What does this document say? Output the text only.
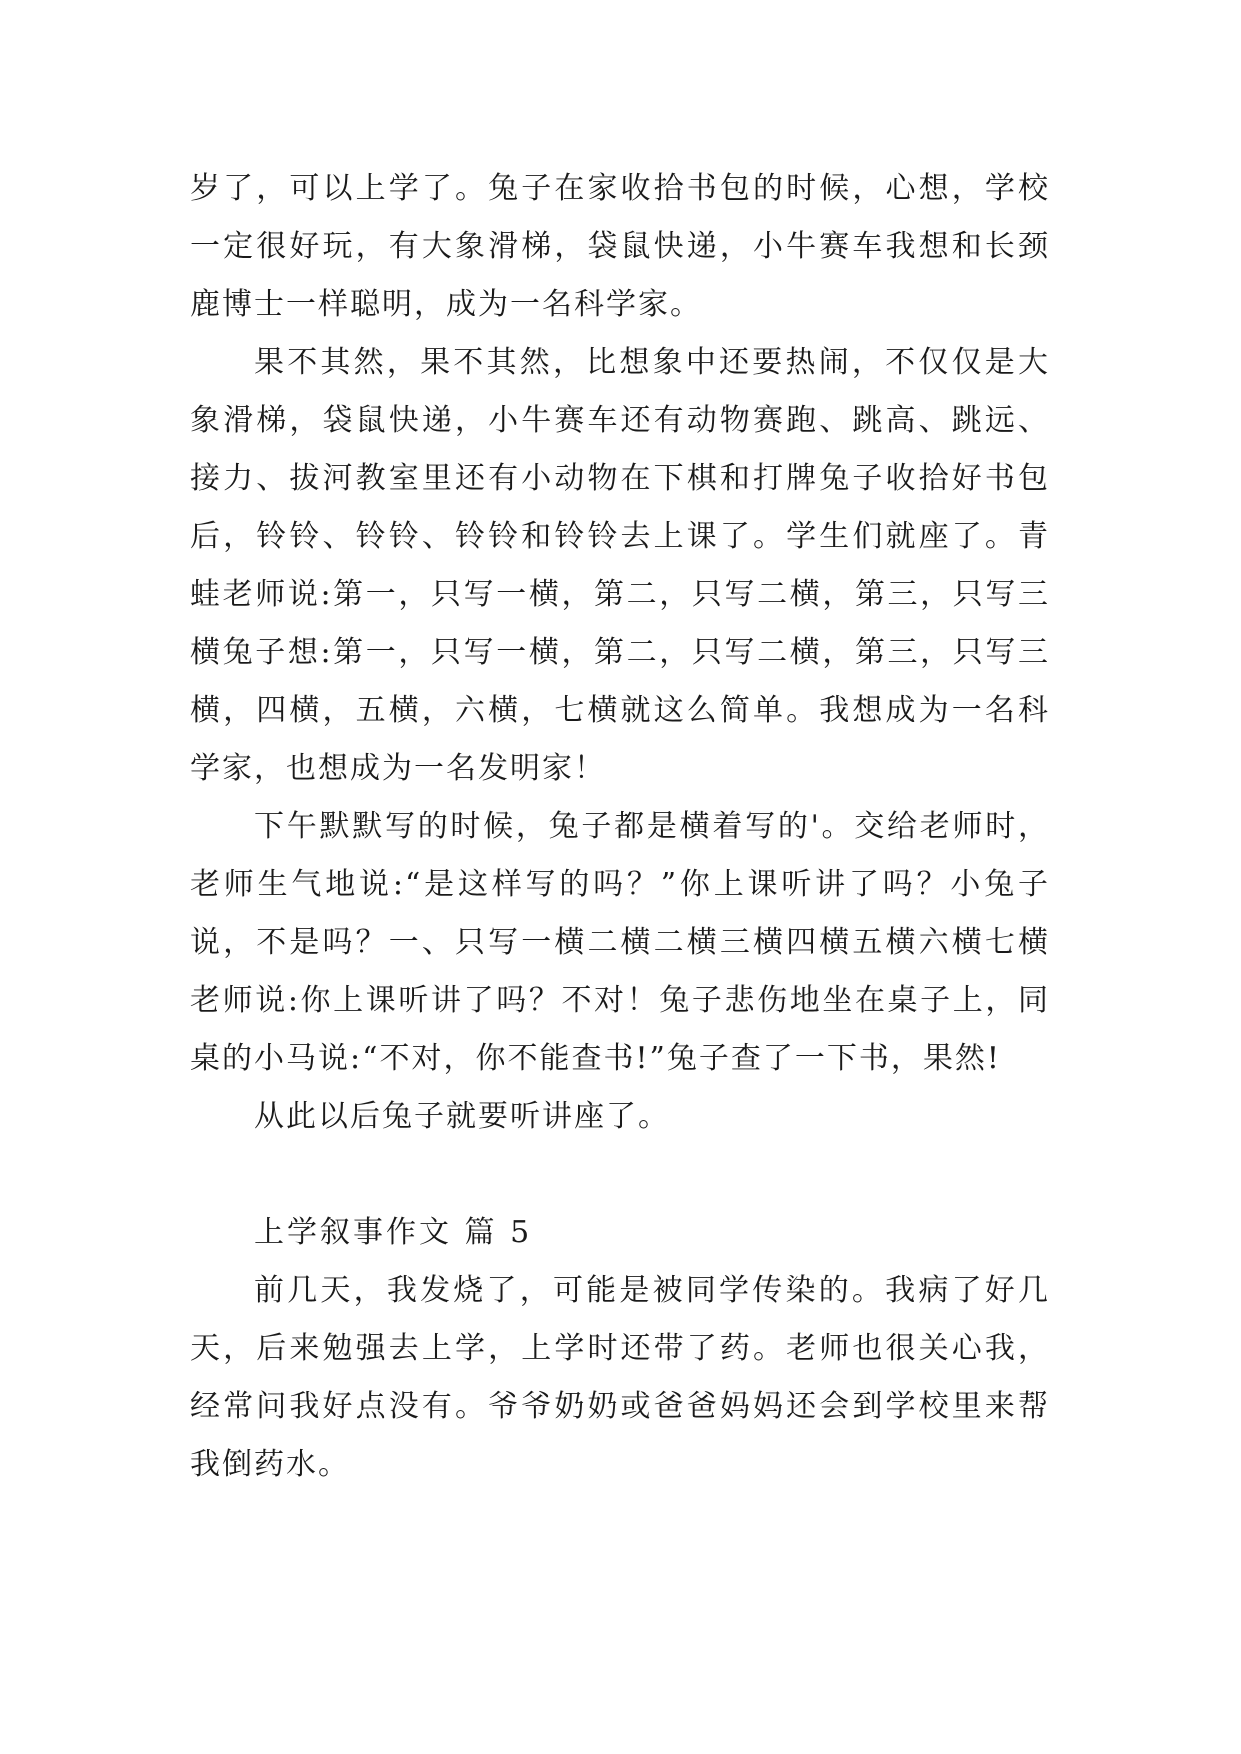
岁了，可以上学了。兔子在家收拾书包的时候，心想，学校一定很好玩，有大象滑梯，袋鼠快递，小牛赛车我想和长颈鹿博士一样聪明，成为一名科学家。

果不其然，果不其然，比想象中还要热闹，不仅仅是大象滑梯，袋鼠快递，小牛赛车还有动物赛跑、跳高、跳远、接力、拔河教室里还有小动物在下棋和打牌兔子收拾好书包后，铃铃、铃铃、铃铃和铃铃去上课了。学生们就座了。青蛙老师说:第一，只写一横，第二，只写二横，第三，只写三横兔子想:第一，只写一横，第二，只写二横，第三，只写三横，四横，五横，六横，七横就这么简单。我想成为一名科学家，也想成为一名发明家！

下午默默写的时候，兔子都是横着写的'。交给老师时，老师生气地说:“是这样写的吗？”你上课听讲了吗？小兔子说，不是吗？一、只写一横二横二横三横四横五横六横七横老师说:你上课听讲了吗？不对！兔子悲伤地坐在桌子上，同桌的小马说:“不对，你不能查书!”兔子查了一下书，果然!

从此以后兔子就要听讲座了。

上学叙事作文 篇 5

前几天，我发烧了，可能是被同学传染的。我病了好几天，后来勉强去上学，上学时还带了药。老师也很关心我，经常问我好点没有。爷爷奶奶或爸爸妈妈还会到学校里来帮我倒药水。
